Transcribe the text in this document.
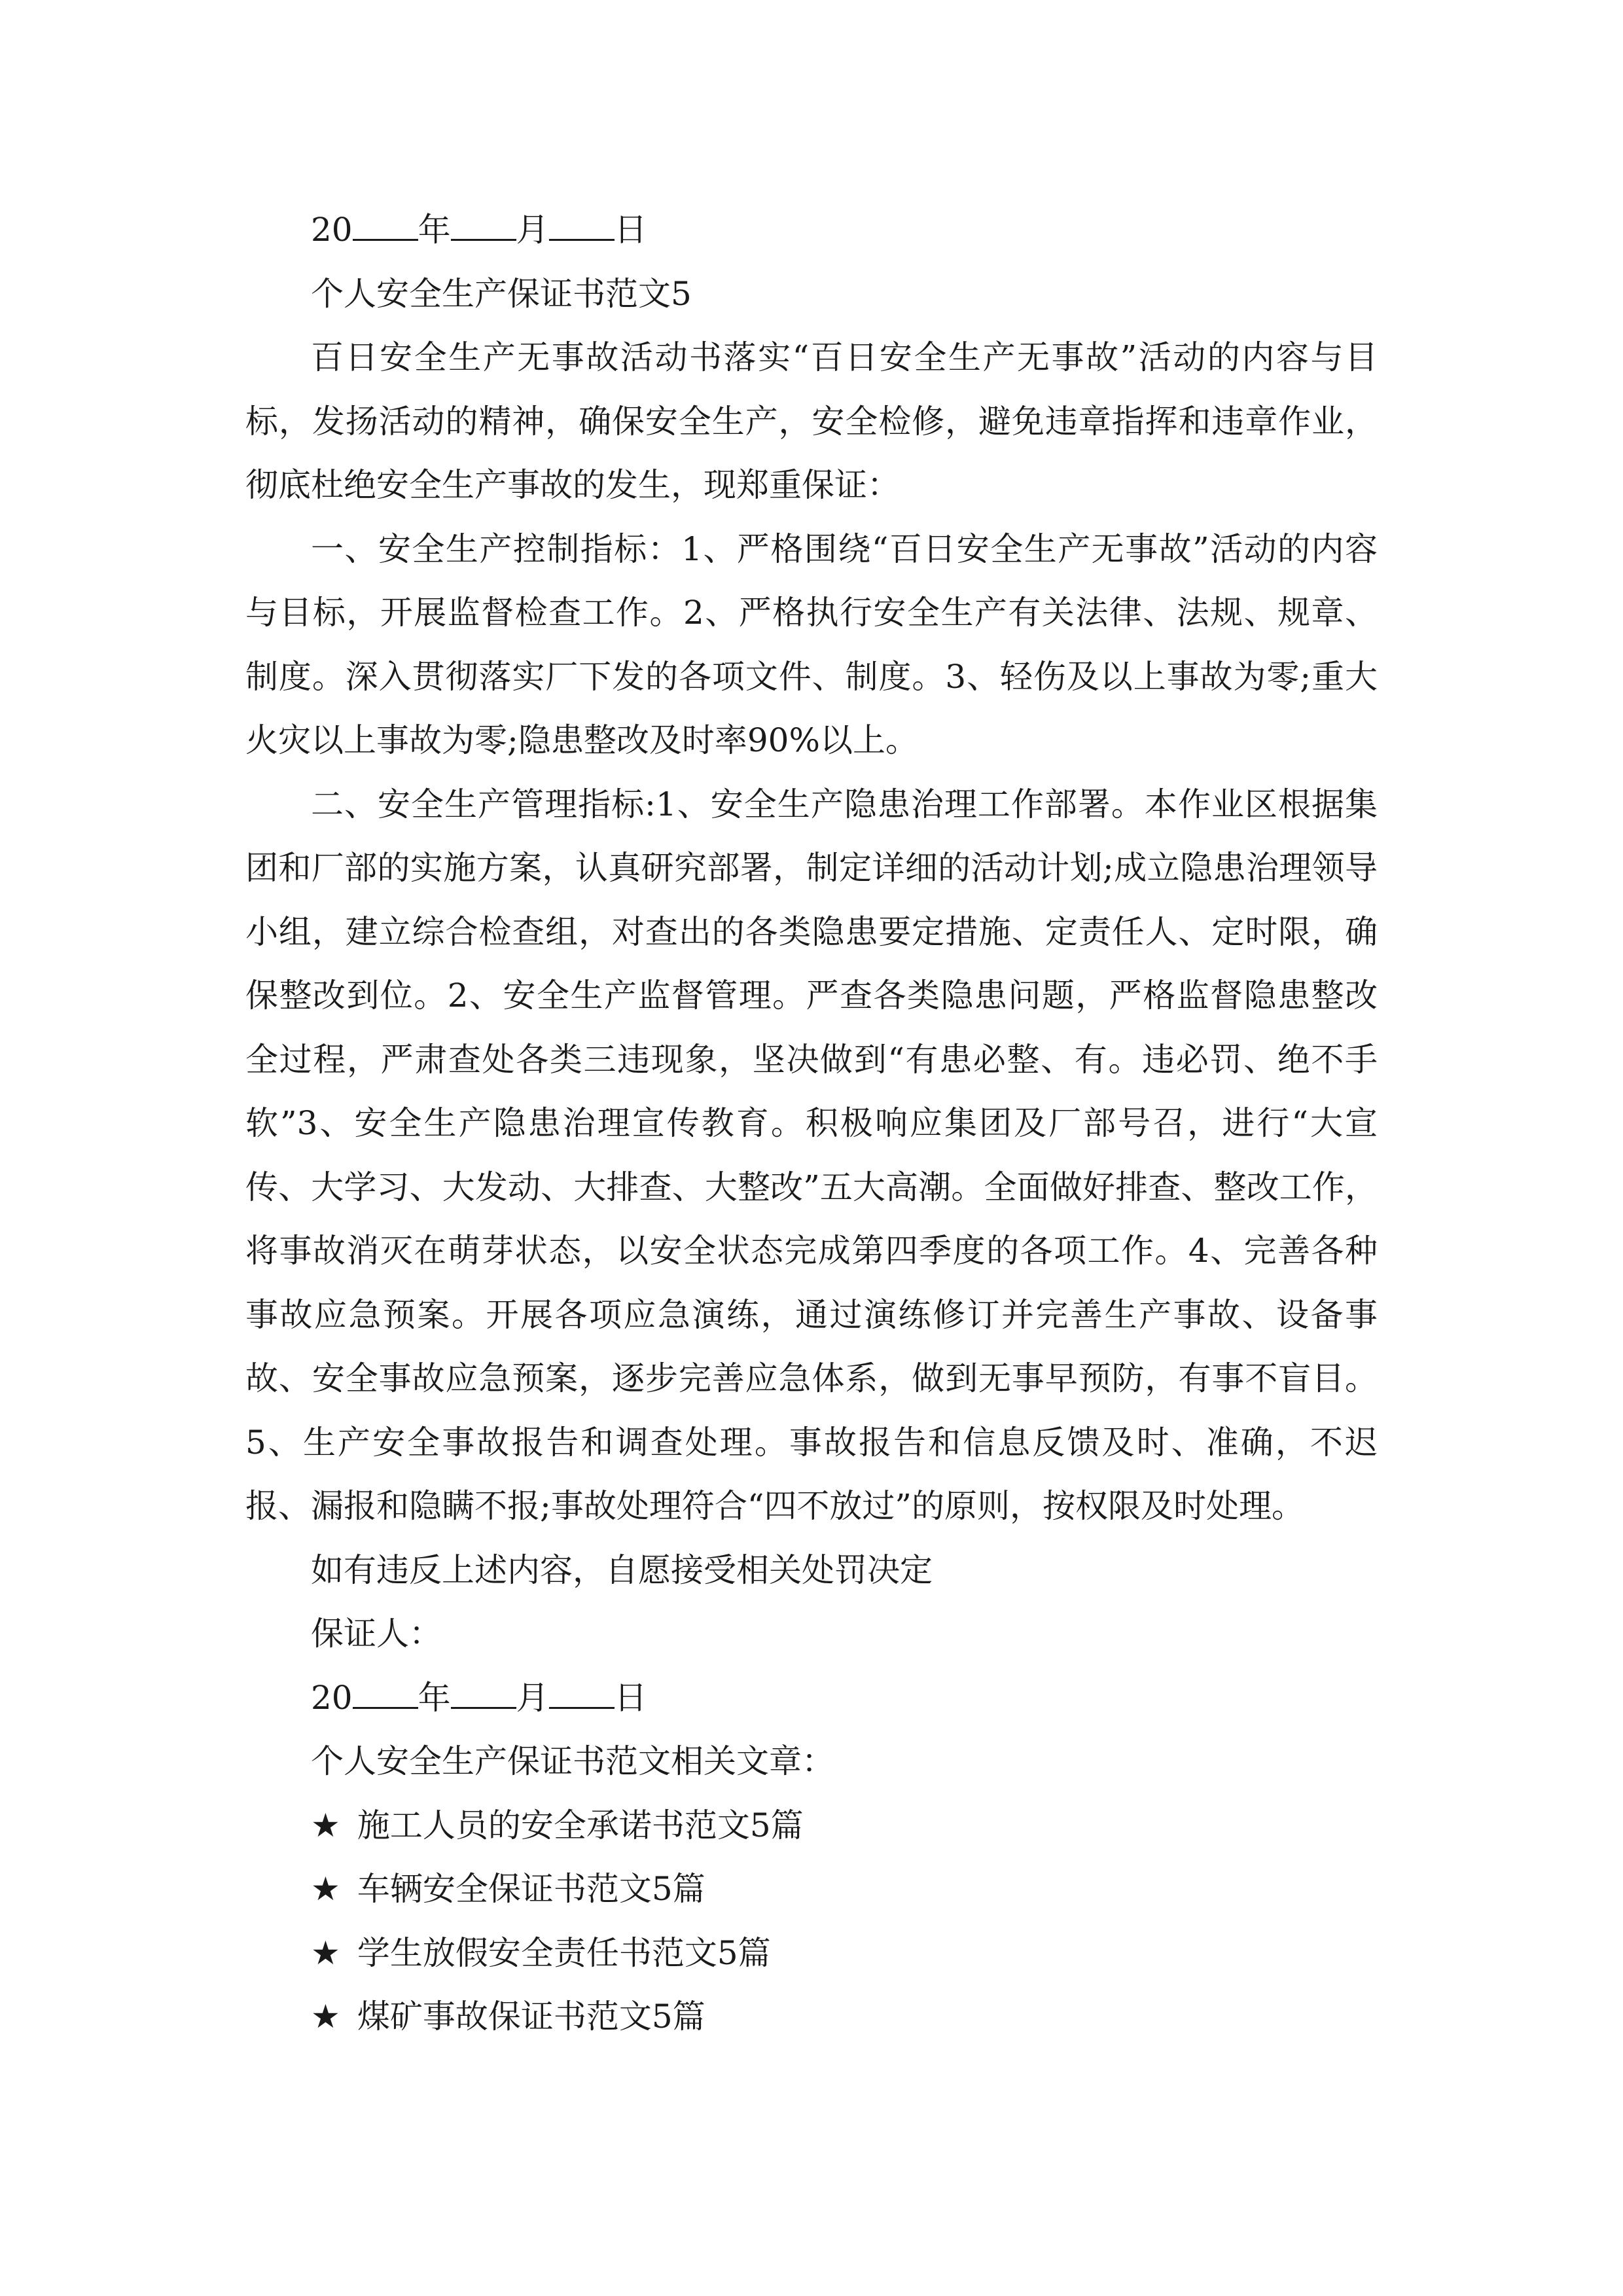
20 年 月 日
个人安全生产保证书范文5
百日安全生产无事故活动书落实“百日安全生产无事故”活动的内容与目标，发扬活动的精神，确保安全生产，安全检修，避免违章指挥和违章作业，彻底杜绝安全生产事故的发生，现郑重保证：
一、安全生产控制指标：1、严格围绕“百日安全生产无事故”活动的内容与目标，开展监督检查工作。2、严格执行安全生产有关法律、法规、规章、制度。深入贯彻落实厂下发的各项文件、制度。3、轻伤及以上事故为零;重大火灾以上事故为零;隐患整改及时率90%以上。
二、安全生产管理指标:1、安全生产隐患治理工作部署。本作业区根据集团和厂部的实施方案，认真研究部署，制定详细的活动计划;成立隐患治理领导小组，建立综合检查组，对查出的各类隐患要定措施、定责任人、定时限，确保整改到位。2、安全生产监督管理。严查各类隐患问题，严格监督隐患整改全过程，严肃查处各类三违现象，坚决做到“有患必整、有。违必罚、绝不手软”3、安全生产隐患治理宣传教育。积极响应集团及厂部号召，进行“大宣传、大学习、大发动、大排查、大整改”五大高潮。全面做好排查、整改工作，将事故消灭在萌芽状态，以安全状态完成第四季度的各项工作。4、完善各种事故应急预案。开展各项应急演练，通过演练修订并完善生产事故、设备事故、安全事故应急预案，逐步完善应急体系，做到无事早预防，有事不盲目。5、生产安全事故报告和调查处理。事故报告和信息反馈及时、准确，不迟报、漏报和隐瞒不报;事故处理符合“四不放过”的原则，按权限及时处理。
如有违反上述内容，自愿接受相关处罚决定
保证人：
20 年 月 日
个人安全生产保证书范文相关文章：
★ 施工人员的安全承诺书范文5篇
★ 车辆安全保证书范文5篇
★ 学生放假安全责任书范文5篇
★ 煤矿事故保证书范文5篇
